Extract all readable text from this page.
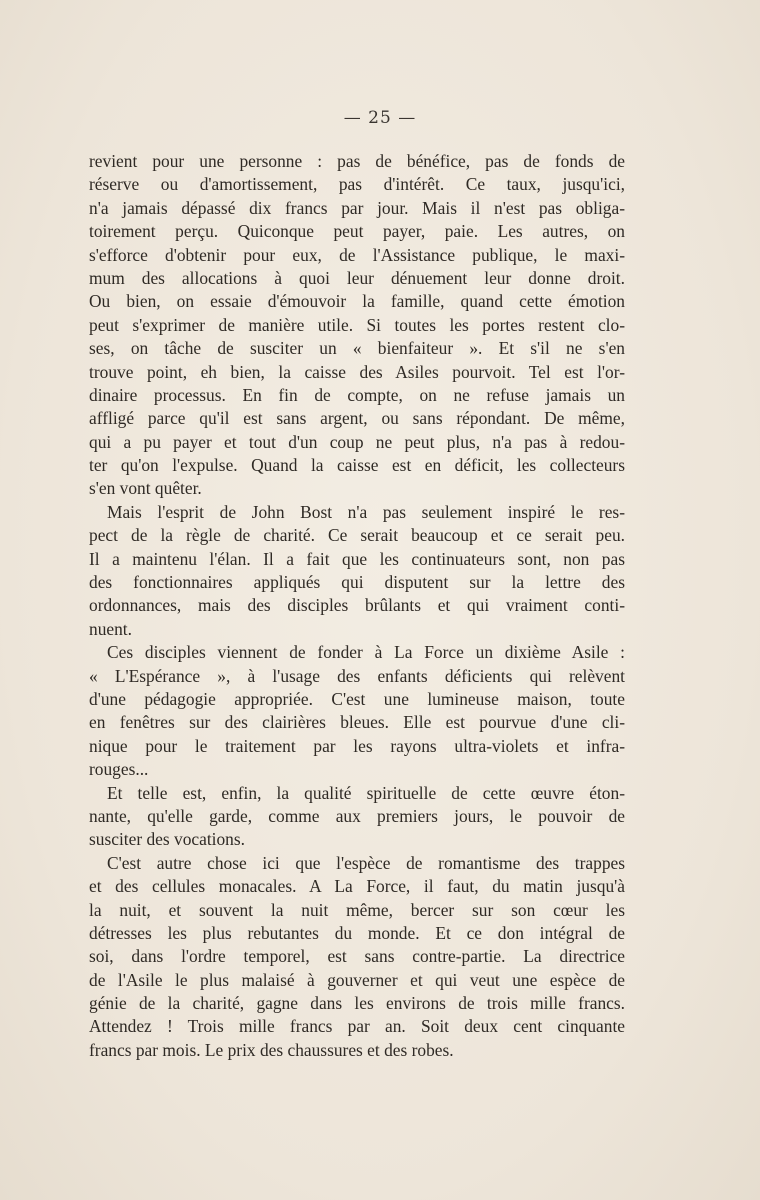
— 25 —
revient pour une personne : pas de bénéfice, pas de fonds de
réserve ou d'amortissement, pas d'intérêt. Ce taux, jusqu'ici,
n'a jamais dépassé dix francs par jour. Mais il n'est pas obliga-
toirement perçu. Quiconque peut payer, paie. Les autres, on
s'efforce d'obtenir pour eux, de l'Assistance publique, le maxi-
mum des allocations à quoi leur dénuement leur donne droit.
Ou bien, on essaie d'émouvoir la famille, quand cette émotion
peut s'exprimer de manière utile. Si toutes les portes restent clo-
ses, on tâche de susciter un « bienfaiteur ». Et s'il ne s'en
trouve point, eh bien, la caisse des Asiles pourvoit. Tel est l'or-
dinaire processus. En fin de compte, on ne refuse jamais un
affligé parce qu'il est sans argent, ou sans répondant. De même,
qui a pu payer et tout d'un coup ne peut plus, n'a pas à redou-
ter qu'on l'expulse. Quand la caisse est en déficit, les collecteurs
s'en vont quêter.
Mais l'esprit de John Bost n'a pas seulement inspiré le res-
pect de la règle de charité. Ce serait beaucoup et ce serait peu.
Il a maintenu l'élan. Il a fait que les continuateurs sont, non pas
des fonctionnaires appliqués qui disputent sur la lettre des
ordonnances, mais des disciples brûlants et qui vraiment conti-
nuent.
Ces disciples viennent de fonder à La Force un dixième Asile :
« L'Espérance », à l'usage des enfants déficients qui relèvent
d'une pédagogie appropriée. C'est une lumineuse maison, toute
en fenêtres sur des clairières bleues. Elle est pourvue d'une cli-
nique pour le traitement par les rayons ultra-violets et infra-
rouges...
Et telle est, enfin, la qualité spirituelle de cette œuvre éton-
nante, qu'elle garde, comme aux premiers jours, le pouvoir de
susciter des vocations.
C'est autre chose ici que l'espèce de romantisme des trappes
et des cellules monacales. A La Force, il faut, du matin jusqu'à
la nuit, et souvent la nuit même, bercer sur son cœur les
détresses les plus rebutantes du monde. Et ce don intégral de
soi, dans l'ordre temporel, est sans contre-partie. La directrice
de l'Asile le plus malaisé à gouverner et qui veut une espèce de
génie de la charité, gagne dans les environs de trois mille francs.
Attendez ! Trois mille francs par an. Soit deux cent cinquante
francs par mois. Le prix des chaussures et des robes.
